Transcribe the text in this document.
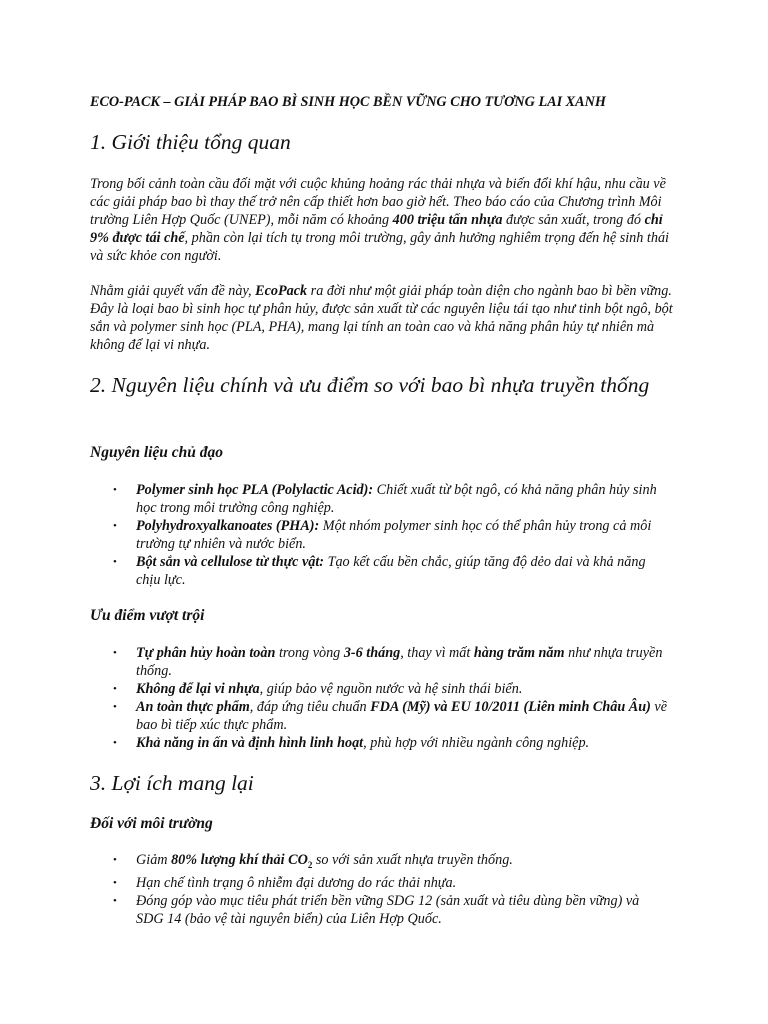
ECO-PACK – GIẢI PHÁP BAO BÌ SINH HỌC BỀN VỮNG CHO TƯƠNG LAI XANH

1. Giới thiệu tổng quan

Trong bối cảnh toàn cầu đối mặt với cuộc khủng hoảng rác thải nhựa và biến đổi khí hậu, nhu cầu về các giải pháp bao bì thay thế trở nên cấp thiết hơn bao giờ hết. Theo báo cáo của Chương trình Môi trường Liên Hợp Quốc (UNEP), mỗi năm có khoảng 400 triệu tấn nhựa được sản xuất, trong đó chỉ 9% được tái chế, phần còn lại tích tụ trong môi trường, gây ảnh hưởng nghiêm trọng đến hệ sinh thái và sức khỏe con người.

Nhằm giải quyết vấn đề này, EcoPack ra đời như một giải pháp toàn diện cho ngành bao bì bền vững. Đây là loại bao bì sinh học tự phân hủy, được sản xuất từ các nguyên liệu tái tạo như tinh bột ngô, bột sắn và polymer sinh học (PLA, PHA), mang lại tính an toàn cao và khả năng phân hủy tự nhiên mà không để lại vi nhựa.

2. Nguyên liệu chính và ưu điểm so với bao bì nhựa truyền thống
Nguyên liệu chủ đạo
• Polymer sinh học PLA (Polylactic Acid): Chiết xuất từ bột ngô, có khả năng phân hủy sinh học trong môi trường công nghiệp.
• Polyhydroxyalkanoates (PHA): Một nhóm polymer sinh học có thể phân hủy trong cả môi trường tự nhiên và nước biển.
• Bột sắn và cellulose từ thực vật: Tạo kết cấu bền chắc, giúp tăng độ dẻo dai và khả năng chịu lực.
Ưu điểm vượt trội
• Tự phân hủy hoàn toàn trong vòng 3-6 tháng, thay vì mất hàng trăm năm như nhựa truyền thống.
• Không để lại vi nhựa, giúp bảo vệ nguồn nước và hệ sinh thái biển.
• An toàn thực phẩm, đáp ứng tiêu chuẩn FDA (Mỹ) và EU 10/2011 (Liên minh Châu Âu) về bao bì tiếp xúc thực phẩm.
• Khả năng in ấn và định hình linh hoạt, phù hợp với nhiều ngành công nghiệp.
3. Lợi ích mang lại
Đối với môi trường
• Giảm 80% lượng khí thải $CO_2$ so với sản xuất nhựa truyền thống.
• Hạn chế tình trạng ô nhiễm đại dương do rác thải nhựa.
• Đóng góp vào mục tiêu phát triển bền vững SDG 12 (sản xuất và tiêu dùng bền vững) và SDG 14 (bảo vệ tài nguyên biển) của Liên Hợp Quốc.
